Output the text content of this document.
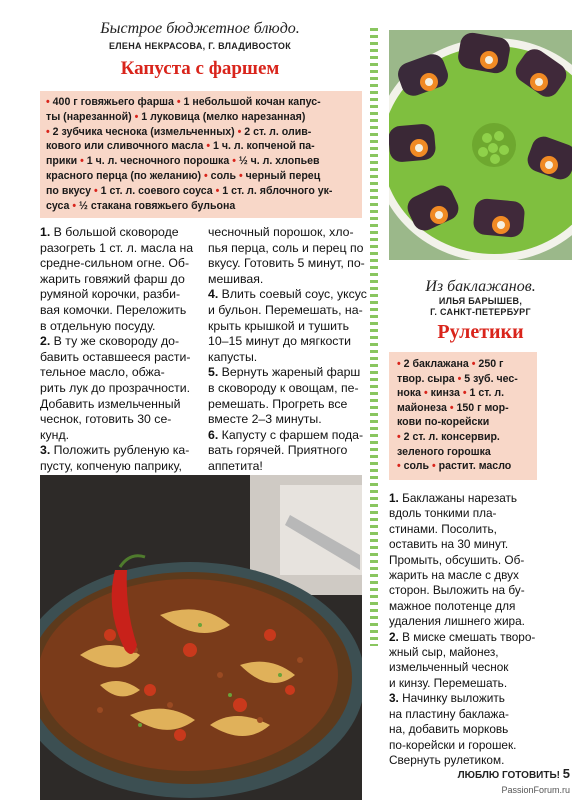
Быстрое бюджетное блюдо.
ЕЛЕНА НЕКРАСОВА, Г. ВЛАДИВОСТОК
Капуста с фаршем
• 400 г говяжьего фарша • 1 небольшой кочан капус-
ты (нарезанной) • 1 луковица (мелко нарезанная)
• 2 зубчика чеснока (измельченных) • 2 ст. л. олив-
кового или сливочного масла • 1 ч. л. копченой па-
прики • 1 ч. л. чесночного порошка • ½ ч. л. хлопьев
красного перца (по желанию) • соль • черный перец
по вкусу • 1 ст. л. соевого соуса • 1 ст. л. яблочного ук-
суса • ½ стакана говяжьего бульона
1. В большой сковороде
разогреть 1 ст. л. масла на
средне-сильном огне. Об-
жарить говяжий фарш до
румяной корочки, разби-
вая комочки. Переложить
в отдельную посуду.
2. В ту же сковороду до-
бавить оставшееся расти-
тельное масло, обжа-
рить лук до прозрачности.
Добавить измельченный
чеснок, готовить 30 се-
кунд.
3. Положить рубленую ка-
пусту, копченую паприку,
чесночный порошок, хло-
пья перца, соль и перец по
вкусу. Готовить 5 минут, по-
мешивая.
4. Влить соевый соус, уксус
и бульон. Перемешать, на-
крыть крышкой и тушить
10–15 минут до мягкости
капусты.
5. Вернуть жареный фарш
в сковороду к овощам, пе-
ремешать. Прогреть все
вместе 2–3 минуты.
6. Капусту с фаршем пода-
вать горячей. Приятного
аппетита!
Из баклажанов.
ИЛЬЯ БАРЫШЕВ,
Г. САНКТ-ПЕТЕРБУРГ
Рулетики
• 2 баклажана • 250 г
твор. сыра • 5 зуб. чес-
нока • кинза • 1 ст. л.
майонеза • 150 г мор-
кови по-корейски
• 2 ст. л. консервир.
зеленого горошка
• соль • растит. масло
1. Баклажаны нарезать
вдоль тонкими пла-
стинами. Посолить,
оставить на 30 минут.
Промыть, обсушить. Об-
жарить на масле с двух
сторон. Выложить на бу-
мажное полотенце для
удаления лишнего жира.
2. В миске смешать творо-
жный сыр, майонез,
измельченный чеснок
и кинзу. Перемешать.
3. Начинку выложить
на пластину баклажа-
на, добавить морковь
по-корейски и горошек.
Свернуть рулетиком.
ЛЮБЛЮ ГОТОВИТЬ! 5
PassionForum.ru
